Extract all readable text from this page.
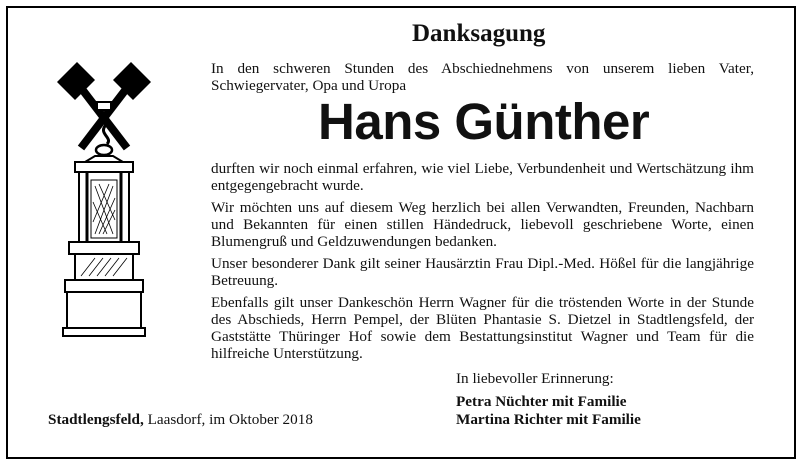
Danksagung
In den schweren Stunden des Abschiednehmens von unserem lieben Vater, Schwiegervater, Opa und Uropa
Hans Günther

durften wir noch einmal erfahren, wie viel Liebe, Verbundenheit und Wertschätzung ihm entgegengebracht wurde.

Wir möchten uns auf diesem Weg herzlich bei allen Verwandten, Freunden, Nachbarn und Bekannten für einen stillen Händedruck, liebevoll geschriebene Worte, einen Blumengruß und Geldzuwendungen bedanken.

Unser besonderer Dank gilt seiner Hausärztin Frau Dipl.-Med. Hößel für die langjährige Betreuung.

Ebenfalls gilt unser Dankeschön Herrn Wagner für die tröstenden Worte in der Stunde des Abschieds, Herrn Pempel, der Blüten Phantasie S. Dietzel in Stadtlengsfeld, der Gaststätte Thüringer Hof sowie dem Bestattungsinstitut Wagner und Team für die hilfreiche Unterstützung.

In liebevoller Erinnerung:
Petra Nüchter mit Familie
Martina Richter mit Familie
Stadtlengsfeld, Laasdorf, im Oktober 2018
